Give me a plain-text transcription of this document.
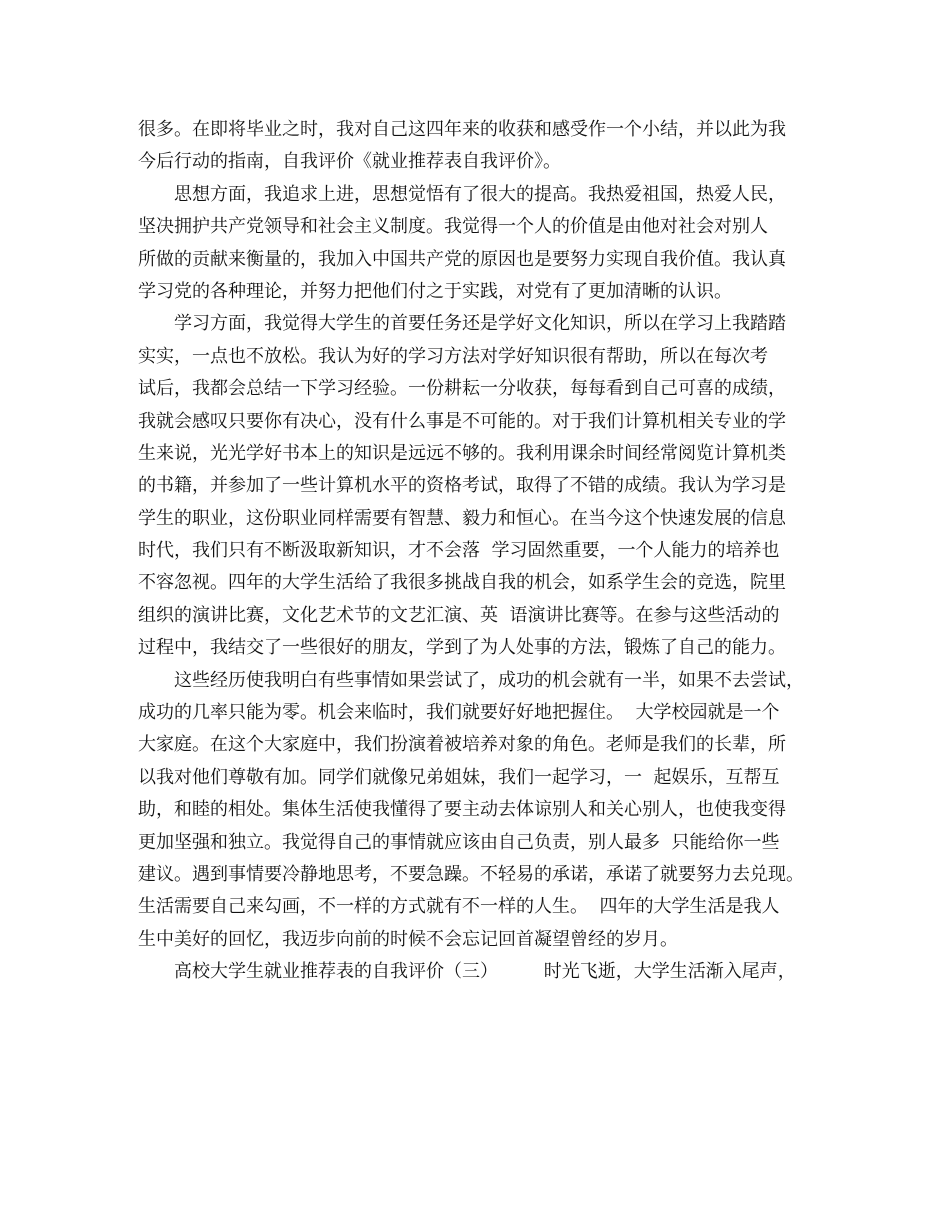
很多。在即将毕业之时，我对自己这四年来的收获和感受作一个小结，并以此为我
今后行动的指南，自我评价《就业推荐表自我评价》。
　　思想方面，我追求上进，思想觉悟有了很大的提高。我热爱祖国，热爱人民，
坚决拥护共产党领导和社会主义制度。我觉得一个人的价值是由他对社会对别人
所做的贡献来衡量的，我加入中国共产党的原因也是要努力实现自我价值。我认真
学习党的各种理论，并努力把他们付之于实践，对党有了更加清晰的认识。
　　学习方面，我觉得大学生的首要任务还是学好文化知识，所以在学习上我踏踏
实实，一点也不放松。我认为好的学习方法对学好知识很有帮助，所以在每次考
试后，我都会总结一下学习经验。一份耕耘一分收获，每每看到自己可喜的成绩，
我就会感叹只要你有决心，没有什么事是不可能的。对于我们计算机相关专业的学
生来说，光光学好书本上的知识是远远不够的。我利用课余时间经常阅览计算机类
的书籍，并参加了一些计算机水平的资格考试，取得了不错的成绩。我认为学习是
学生的职业，这份职业同样需要有智慧、毅力和恒心。在当今这个快速发展的信息
时代，我们只有不断汲取新知识，才不会落  学习固然重要，一个人能力的培养也
不容忽视。四年的大学生活给了我很多挑战自我的机会，如系学生会的竞选，院里
组织的演讲比赛，文化艺术节的文艺汇演、英  语演讲比赛等。在参与这些活动的
过程中，我结交了一些很好的朋友，学到了为人处事的方法，锻炼了自己的能力。
　　这些经历使我明白有些事情如果尝试了，成功的机会就有一半，如果不去尝试，
成功的几率只能为零。机会来临时，我们就要好好地把握住。  大学校园就是一个
大家庭。在这个大家庭中，我们扮演着被培养对象的角色。老师是我们的长辈，所
以我对他们尊敬有加。同学们就像兄弟姐妹，我们一起学习，一  起娱乐，互帮互
助，和睦的相处。集体生活使我懂得了要主动去体谅别人和关心别人，也使我变得
更加坚强和独立。我觉得自己的事情就应该由自己负责，别人最多  只能给你一些
建议。遇到事情要冷静地思考，不要急躁。不轻易的承诺，承诺了就要努力去兑现。
生活需要自己来勾画，不一样的方式就有不一样的人生。  四年的大学生活是我人
生中美好的回忆，我迈步向前的时候不会忘记回首凝望曾经的岁月。
　　高校大学生就业推荐表的自我评价（三）        时光飞逝，大学生活渐入尾声，
